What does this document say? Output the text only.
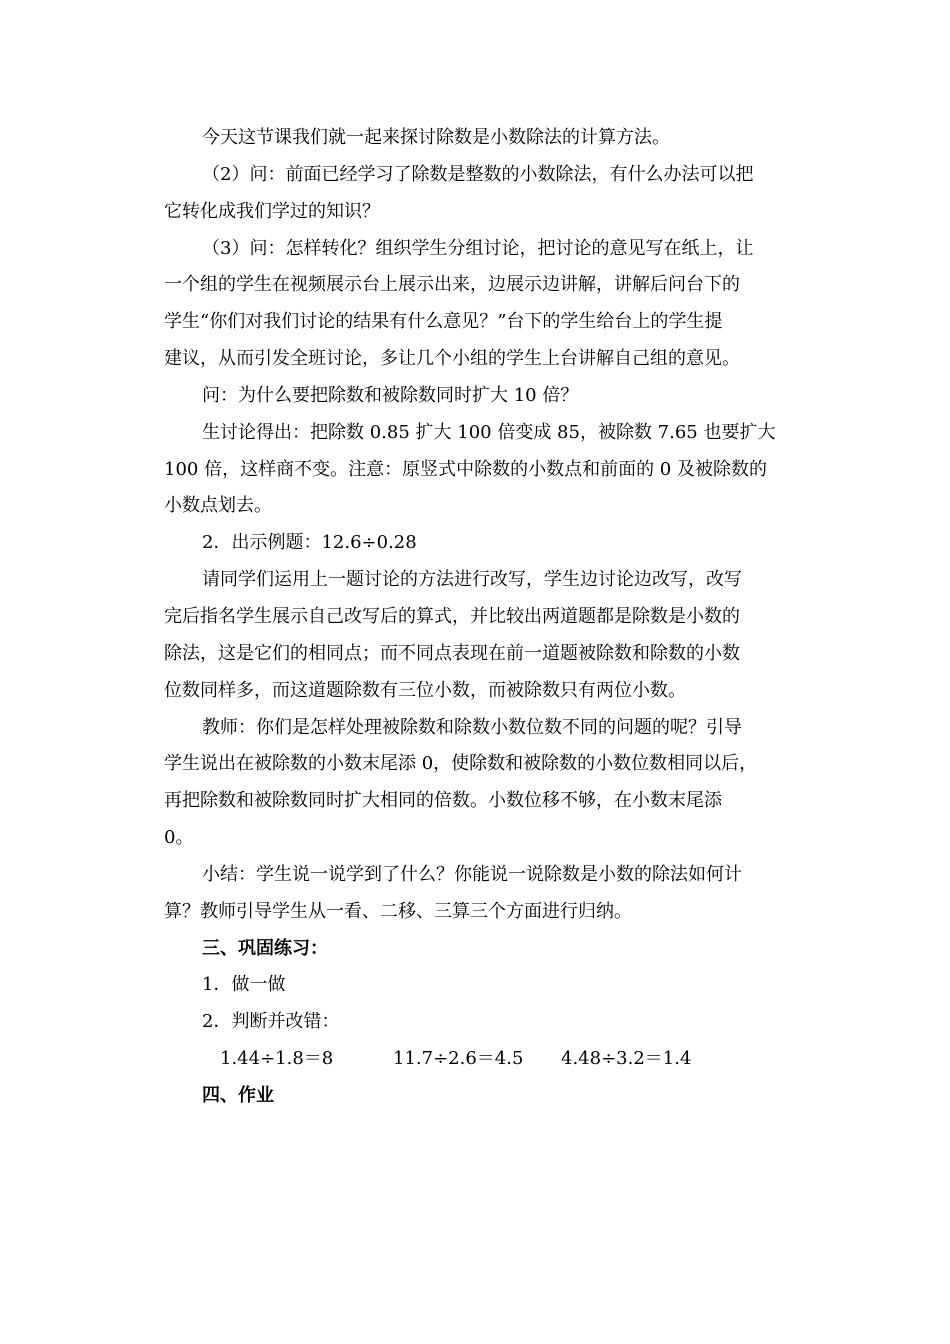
今天这节课我们就一起来探讨除数是小数除法的计算方法。
（2）问：前面已经学习了除数是整数的小数除法，有什么办法可以把
它转化成我们学过的知识？
（3）问：怎样转化？组织学生分组讨论，把讨论的意见写在纸上，让
一个组的学生在视频展示台上展示出来，边展示边讲解，讲解后问台下的
学生“你们对我们讨论的结果有什么意见？”台下的学生给台上的学生提
建议，从而引发全班讨论，多让几个小组的学生上台讲解自己组的意见。
问：为什么要把除数和被除数同时扩大 10 倍？
生讨论得出：把除数 0.85 扩大 100 倍变成 85，被除数 7.65 也要扩大
100 倍，这样商不变。注意：原竖式中除数的小数点和前面的 0 及被除数的
小数点划去。
2．出示例题：12.6÷0.28
请同学们运用上一题讨论的方法进行改写，学生边讨论边改写，改写
完后指名学生展示自己改写后的算式，并比较出两道题都是除数是小数的
除法，这是它们的相同点；而不同点表现在前一道题被除数和除数的小数
位数同样多，而这道题除数有三位小数，而被除数只有两位小数。
教师：你们是怎样处理被除数和除数小数位数不同的问题的呢？引导
学生说出在被除数的小数末尾添 0，使除数和被除数的小数位数相同以后，
再把除数和被除数同时扩大相同的倍数。小数位移不够，在小数末尾添
0。
小结：学生说一说学到了什么？你能说一说除数是小数的除法如何计
算？教师引导学生从一看、二移、三算三个方面进行归纳。
三、巩固练习：
1．做一做
2．判断并改错：
1.44÷1.8＝8	11.7÷2.6＝4.5 4.48÷3.2＝1.4
四、作业
